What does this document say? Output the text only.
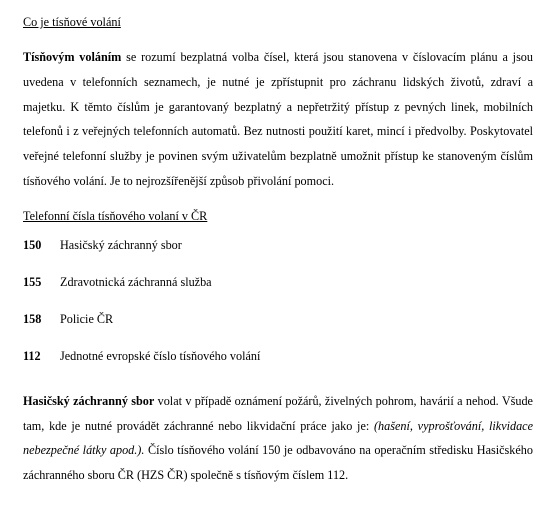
Co je tísňové volání

Tísňovým voláním se rozumí bezplatná volba čísel, která jsou stanovena v číslovacím plánu a jsou uvedena v telefonních seznamech, je nutné je zpřístupnit pro záchranu lidských životů, zdraví a majetku. K těmto číslům je garantovaný bezplatný a nepřetržitý přístup z pevných linek, mobilních telefonů i z veřejných telefonních automatů. Bez nutnosti použití karet, mincí i předvolby. Poskytovatel veřejné telefonní služby je povinen svým uživatelům bezplatně umožnit přístup ke stanoveným číslům tísňového volání. Je to nejrozšířenější způsob přivolání pomoci.

Telefonní čísla tísňového volaní v ČR

150	Hasičský záchranný sbor
155	Zdravotnická záchranná služba
158	Policie ČR
112	Jednotné evropské číslo tísňového volání

Hasičský záchranný sbor volat v případě oznámení požárů, živelných pohrom, havárií a nehod. Všude tam, kde je nutné provádět záchranné nebo likvidační práce jako je: (hašení, vyprošťování, likvidace nebezpečné látky apod.). Číslo tísňového volání 150 je odbavováno na operačním středisku Hasičského záchranného sboru ČR (HZS ČR) společně s tísňovým číslem 112.
